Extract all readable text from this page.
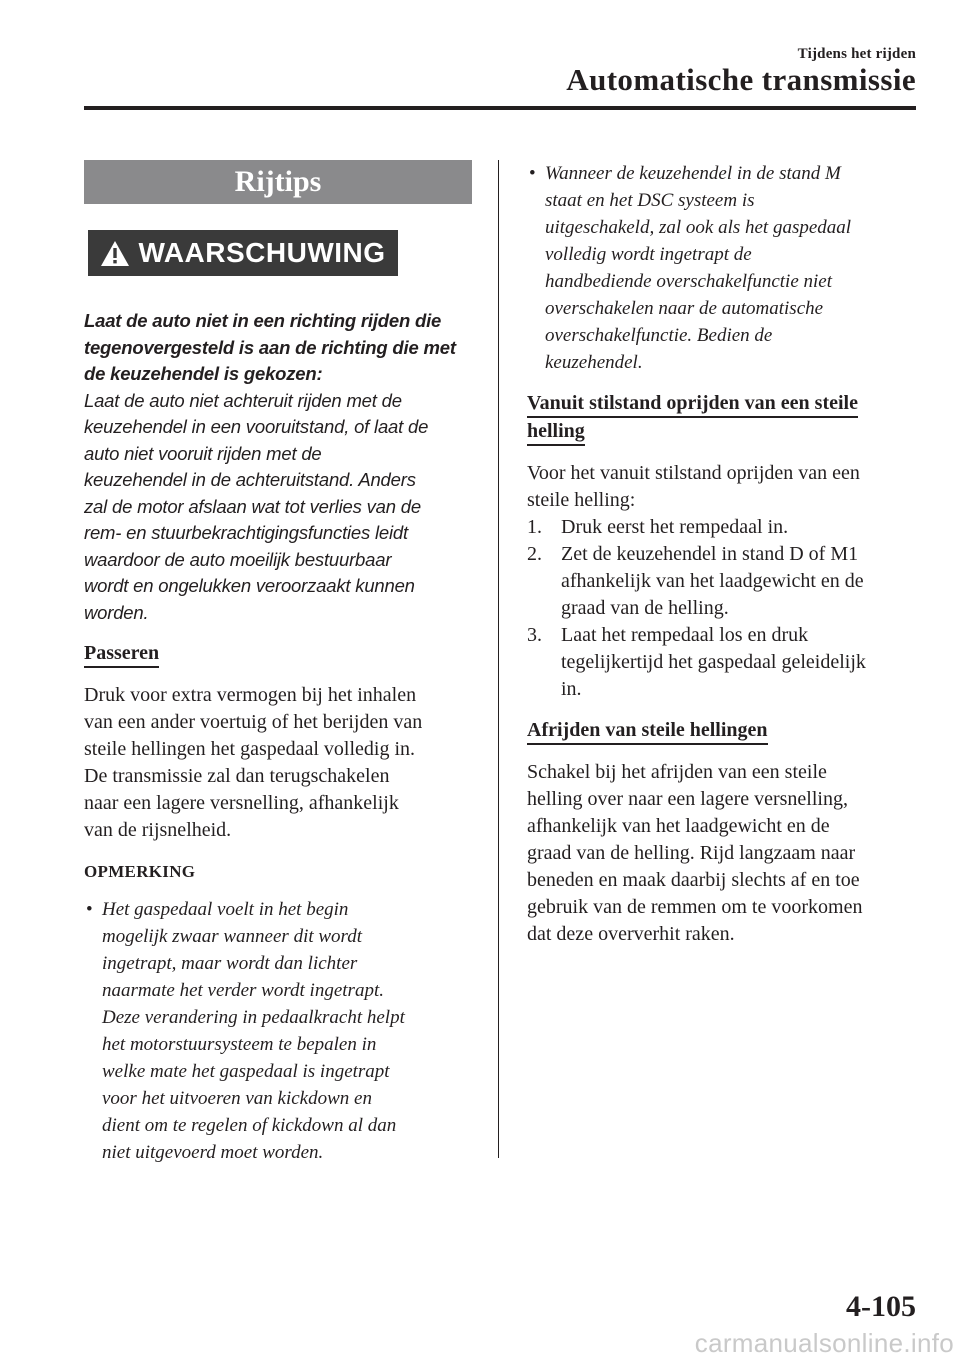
Tijdens het rijden
Automatische transmissie
Rijtips
WAARSCHUWING

Laat de auto niet in een richting rijden die

tegenovergesteld is aan de richting die met

de keuzehendel is gekozen:

Laat de auto niet achteruit rijden met de

keuzehendel in een vooruitstand, of laat de

auto niet vooruit rijden met de

keuzehendel in de achteruitstand. Anders

zal de motor afslaan wat tot verlies van de

rem- en stuurbekrachtigingsfuncties leidt

waardoor de auto moeilijk bestuurbaar

wordt en ongelukken veroorzaakt kunnen

worden.

Passeren

Druk voor extra vermogen bij het inhalen

van een ander voertuig of het berijden van

steile hellingen het gaspedaal volledig in.

De transmissie zal dan terugschakelen

naar een lagere versnelling, afhankelijk

van de rijsnelheid.

OPMERKING

• Het gaspedaal voelt in het begin
mogelijk zwaar wanneer dit wordt
ingetrapt, maar wordt dan lichter
naarmate het verder wordt ingetrapt.
Deze verandering in pedaalkracht helpt
het motorstuursysteem te bepalen in
welke mate het gaspedaal is ingetrapt
voor het uitvoeren van kickdown en
dient om te regelen of kickdown al dan
niet uitgevoerd moet worden.
• Wanneer de keuzehendel in de stand M
staat en het DSC systeem is
uitgeschakeld, zal ook als het gaspedaal
volledig wordt ingetrapt de
handbediende overschakelfunctie niet
overschakelen naar de automatische
overschakelfunctie. Bedien de
keuzehendel.
Vanuit stilstand oprijden van een steile
helling

Voor het vanuit stilstand oprijden van een

steile helling:

1. Druk eerst het rempedaal in.
2. Zet de keuzehendel in stand D of M1
afhankelijk van het laadgewicht en de
graad van de helling.
3. Laat het rempedaal los en druk
tegelijkertijd het gaspedaal geleidelijk
in.
Afrijden van steile hellingen

Schakel bij het afrijden van een steile

helling over naar een lagere versnelling,

afhankelijk van het laadgewicht en de

graad van de helling. Rijd langzaam naar

beneden en maak daarbij slechts af en toe

gebruik van de remmen om te voorkomen

dat deze oververhit raken.

4-105
carmanualsonline.info
